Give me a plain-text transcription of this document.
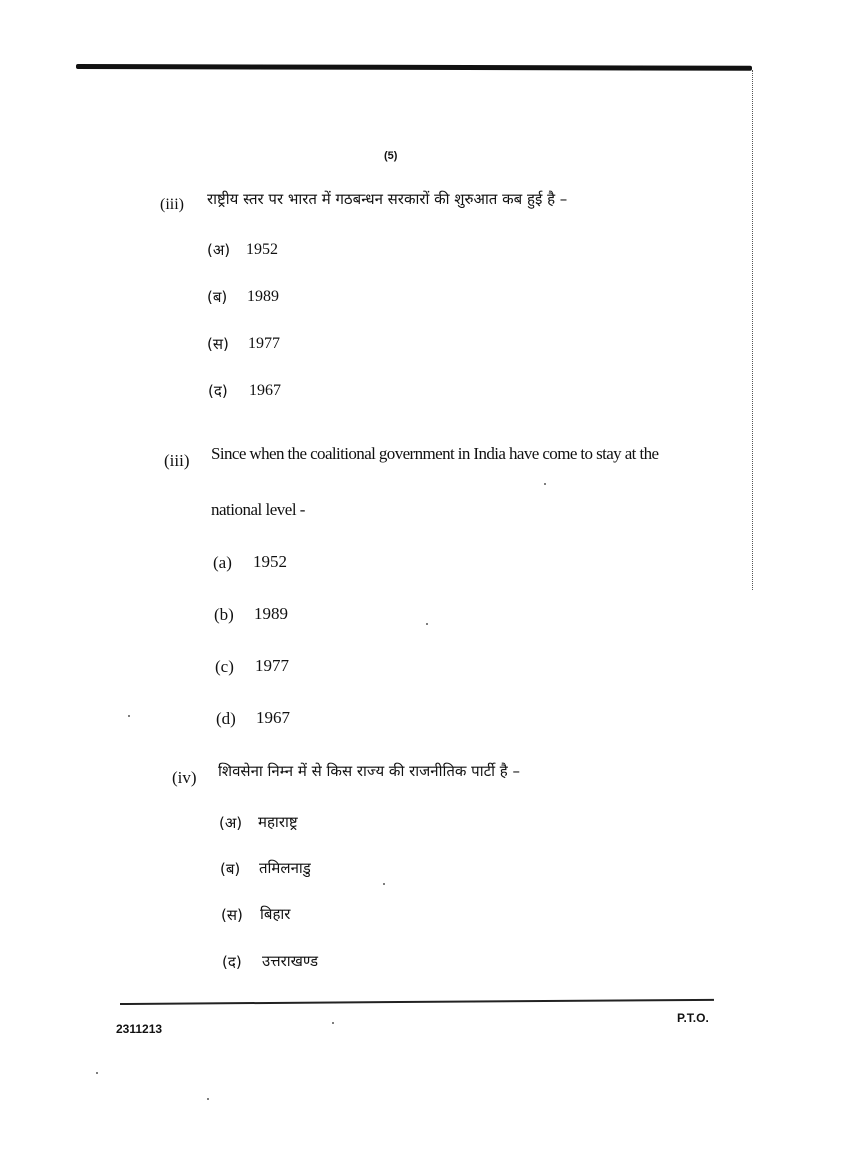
(5)
(iii) राष्ट्रीय स्तर पर भारत में गठबन्धन सरकारों की शुरुआत कब हुई है –
(अ) 1952
(ब) 1989
(स) 1977
(द) 1967
(iii) Since when the coalitional government in India have come to stay at the
national level -
(a) 1952
(b) 1989
(c) 1977
(d) 1967
(iv) शिवसेना निम्न में से किस राज्य की राजनीतिक पार्टी है –
(अ) महाराष्ट्र
(ब) तमिलनाडु
(स) बिहार
(द) उत्तराखण्ड
2311213
P.T.O.
